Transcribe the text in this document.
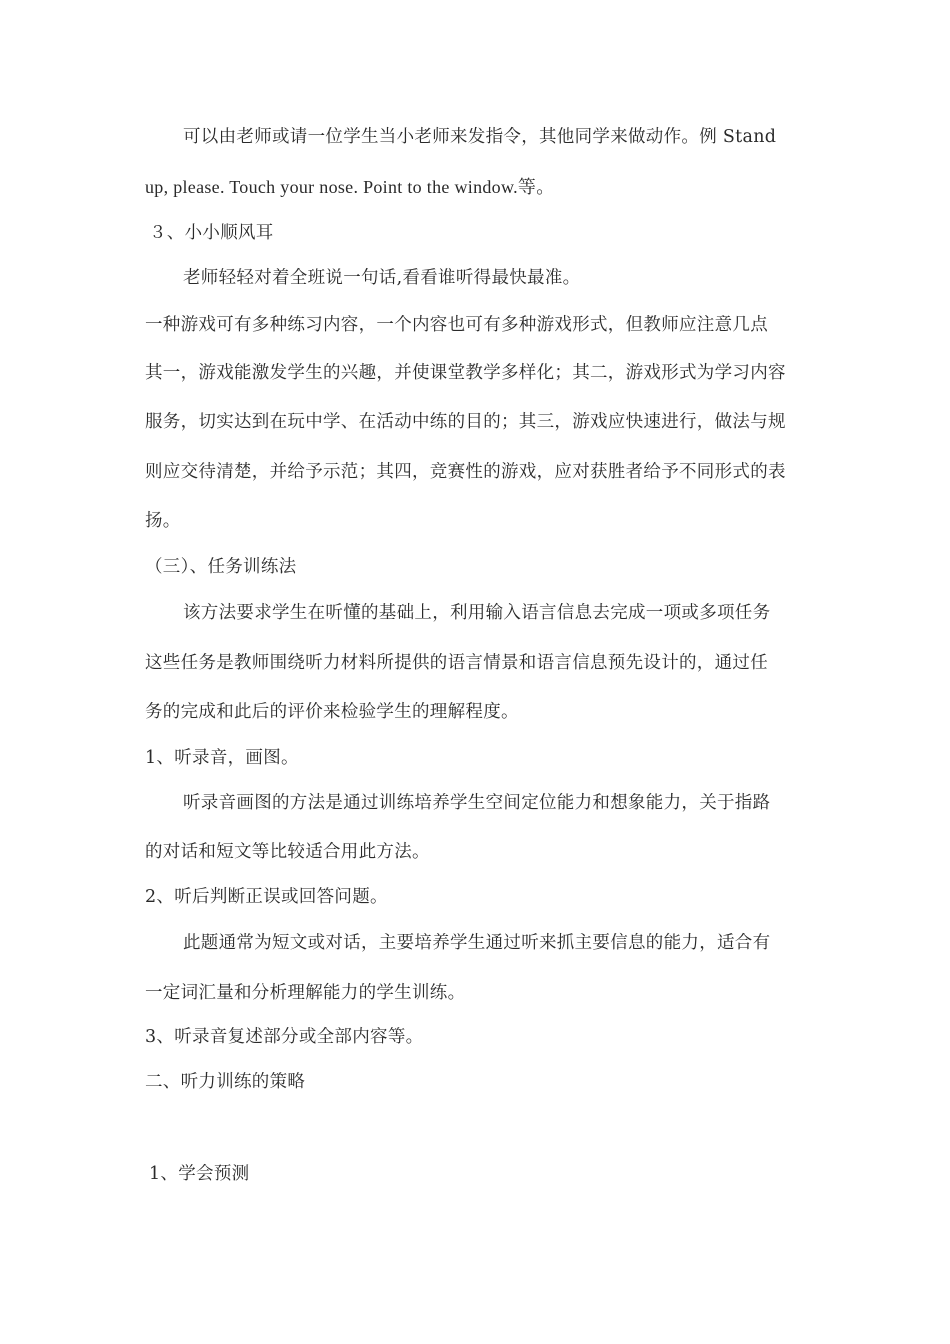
可以由老师或请一位学生当小老师来发指令，其他同学来做动作。例 Stand
up, please. Touch your nose. Point to the window.等。
３、小小顺风耳
老师轻轻对着全班说一句话,看看谁听得最快最准。
一种游戏可有多种练习内容，一个内容也可有多种游戏形式，但教师应注意几点
其一，游戏能激发学生的兴趣，并使课堂教学多样化；其二，游戏形式为学习内容
服务，切实达到在玩中学、在活动中练的目的；其三，游戏应快速进行，做法与规
则应交待清楚，并给予示范；其四，竞赛性的游戏，应对获胜者给予不同形式的表
扬。
（三）、任务训练法
该方法要求学生在听懂的基础上，利用输入语言信息去完成一项或多项任务
这些任务是教师围绕听力材料所提供的语言情景和语言信息预先设计的，通过任
务的完成和此后的评价来检验学生的理解程度。
1、听录音，画图。
听录音画图的方法是通过训练培养学生空间定位能力和想象能力，关于指路
的对话和短文等比较适合用此方法。
2、听后判断正误或回答问题。
此题通常为短文或对话，主要培养学生通过听来抓主要信息的能力，适合有
一定词汇量和分析理解能力的学生训练。
3、听录音复述部分或全部内容等。
二、听力训练的策略
1、学会预测
